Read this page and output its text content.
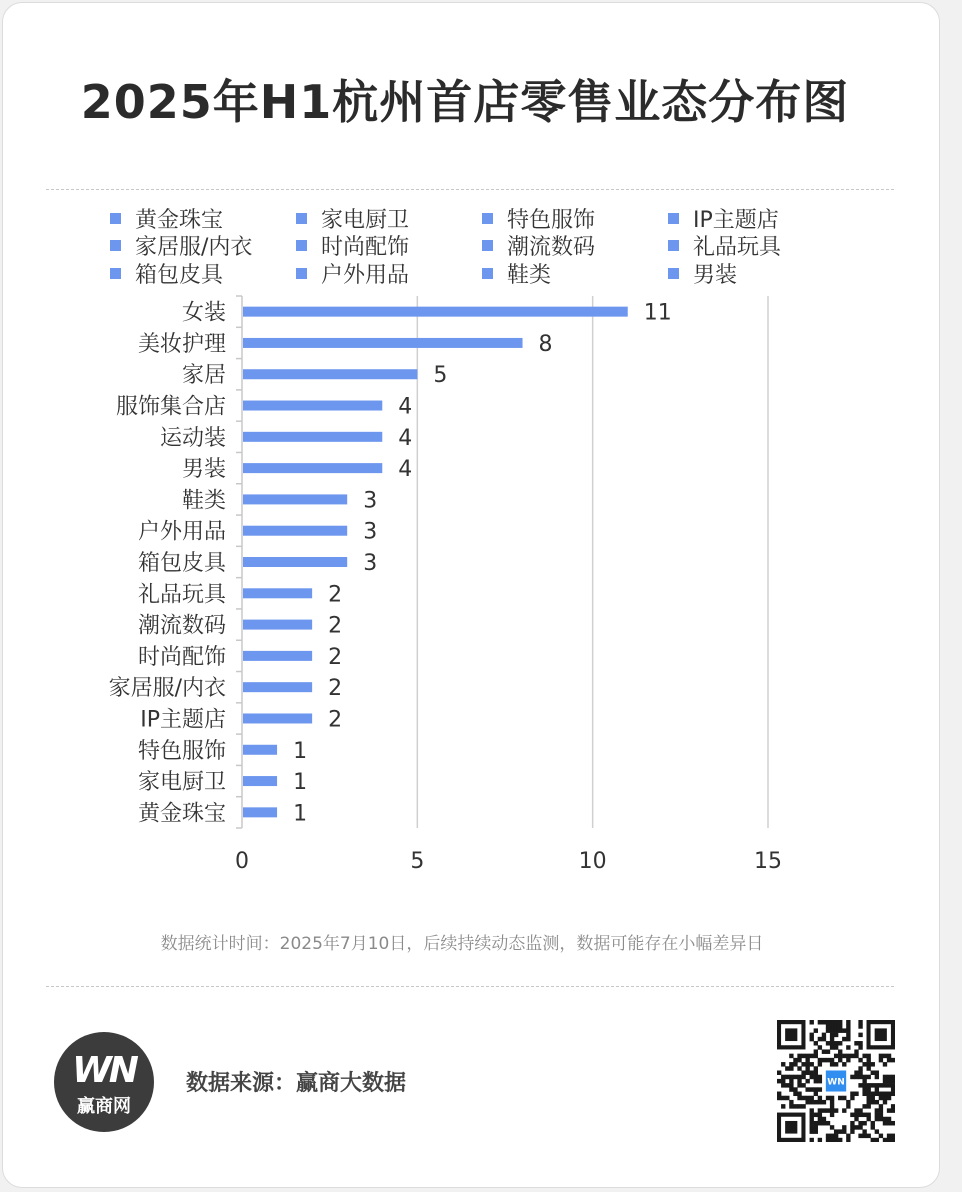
2025年H1杭州首店零售业态分布图
黄金珠宝	家电厨卫	特色服饰	IP主题店
家居服/内衣	时尚配饰	潮流数码	礼品玩具
箱包皮具	户外用品	鞋类	男装
女装	11
美妆护理	8
家居	5
服饰集合店	4
运动装	4
男装	4
鞋类	3
户外用品	3
箱包皮具	3
礼品玩具	2
潮流数码	2
时尚配饰	2
家居服/内衣	2
IP主题店	2
特色服饰	1
家电厨卫	1
黄金珠宝	1
0	5	10	15
数据统计时间：2025年7月10日，后续持续动态监测，数据可能存在小幅差异日
WN
赢商网
数据来源：赢商大数据	WN
